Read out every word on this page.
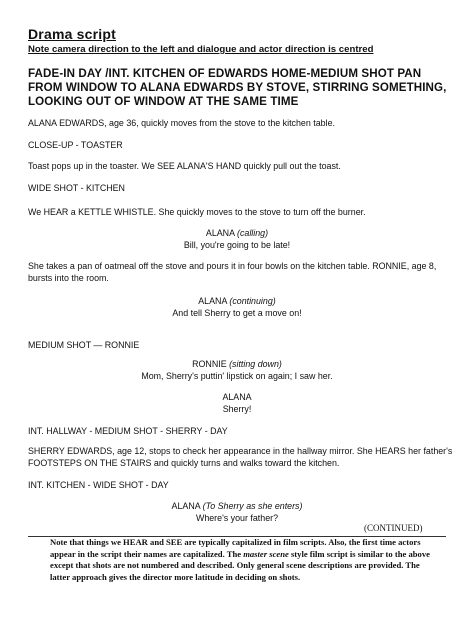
Drama script
Note camera direction to the left and dialogue and actor direction is centred
FADE-IN DAY /INT. KITCHEN OF EDWARDS HOME-MEDIUM SHOT PAN FROM WINDOW TO ALANA EDWARDS BY STOVE, STIRRING SOMETHING, LOOKING OUT OF WINDOW AT THE SAME TIME
ALANA EDWARDS, age 36, quickly moves from the stove to the kitchen table.
CLOSE-UP - TOASTER
Toast pops up in the toaster. We SEE ALANA'S HAND quickly pull out the toast.
WIDE SHOT - KITCHEN
We HEAR a KETTLE WHISTLE. She quickly moves to the stove to turn off the burner.
ALANA (calling)
Bill, you're going to be late!
She takes a pan of oatmeal off the stove and pours it in four bowls on the kitchen table. RONNIE, age 8, bursts into the room.
ALANA (continuing)
And tell Sherry to get a move on!
MEDIUM SHOT — RONNIE
RONNIE (sitting down)
Mom, Sherry's puttin' lipstick on again; I saw her.
ALANA
Sherry!
INT. HALLWAY - MEDIUM SHOT - SHERRY - DAY
SHERRY EDWARDS, age 12, stops to check her appearance in the hallway mirror. She HEARS her father's FOOTSTEPS ON THE STAIRS and quickly turns and walks toward the kitchen.
INT. KITCHEN - WIDE SHOT - DAY
ALANA (To Sherry as she enters)
Where's your father?
(CONTINUED)
Note that things we HEAR and SEE are typically capitalized in film scripts. Also, the first time actors appear in the script their names are capitalized. The master scene style film script is similar to the above except that shots are not numbered and described. Only general scene descriptions are provided. The latter approach gives the director more latitude in deciding on shots.
